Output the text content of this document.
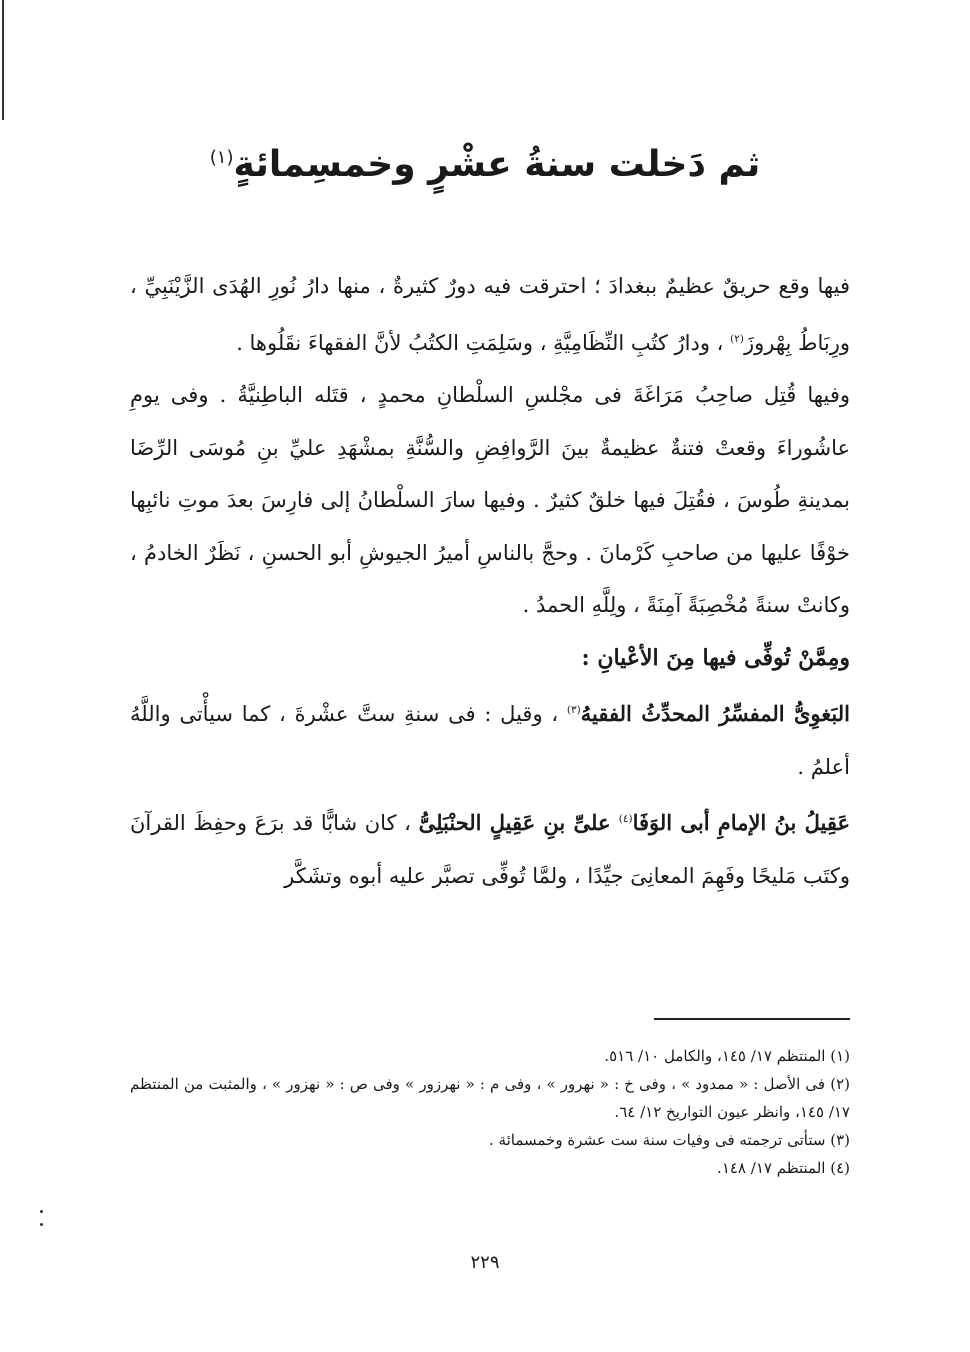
ثم دَخلت سنةُ عشْرٍ وخمسِمائةٍ$^{(١)}$

فيها وقع حريقٌ عظيمٌ ببغدادَ ؛ احترقت فيه دورٌ كثيرةٌ ، منها دارُ نُورِ الهُدَى الزَّيْنَبِيِّ ، ورِبَاطُ بِهْروزَ$^{(٢)}$ ، ودارُ كتُبِ النِّظَامِيَّةِ ، وسَلِمَتِ الكتُبُ لأنَّ الفقهاءَ نقَلُوها .

وفيها قُتِل صاحِبُ مَرَاغَةَ فى مجْلسِ السلْطانِ محمدٍ ، قتَله الباطِنيَّةُ . وفى يومِ عاشُوراءَ وقعتْ فتنةٌ عظيمةٌ بينَ الرَّوافِضِ والسُّنَّةِ بمشْهَدِ عليِّ بنِ مُوسَى الرِّضَا بمدينةِ طُوسَ ، فقُتِلَ فيها خلقٌ كثيرٌ . وفيها سارَ السلْطانُ إلى فارِسَ بعدَ موتِ نائبِها خوْفًا عليها من صاحبِ كَرْمانَ . وحجَّ بالناسِ أميرُ الجيوشِ أبو الحسنِ ، نَظَرٌ الخادمُ ، وكانتْ سنةً مُخْصِبَةً آمِنَةً ، ولِلَّهِ الحمدُ .

ومِمَّنْ تُوفِّى فيها مِنَ الأعْيانِ :

البَغوِىُّ المفسِّرُ المحدِّثُ الفقيهُ$^{(٣)}$ ، وقيل : فى سنةِ ستَّ عشْرةَ ، كما سيأْتى واللَّهُ أعلمُ .

عَقِيلُ بنُ الإمامِ أبى الوَفَا$^{(٤)}$ علىِّ بنِ عَقِيلٍ الحنْبَلِىُّ ، كان شابًّا قد برَعَ وحفِظَ القرآنَ وكتَب مَليحًا وفَهِمَ المعانِىَ جيِّدًا ، ولمَّا تُوفِّى تصبَّر عليه أبوه وتشَكَّر

(١) المنتظم ١٧/ ١٤٥، والكامل ١٠/ ٥١٦.

(٢) فى الأصل : « ممدود » ، وفى خ : « نهرور » ، وفى م : « نهرزور » وفى ص : « نهزور » ، والمثبت من المنتظم ١٧/ ١٤٥، وانظر عيون التواريخ ١٢/ ٦٤.

(٣) ستأتى ترجمته فى وفيات سنة ست عشرة وخمسمائة .

(٤) المنتظم ١٧/ ١٤٨.

٢٢٩
